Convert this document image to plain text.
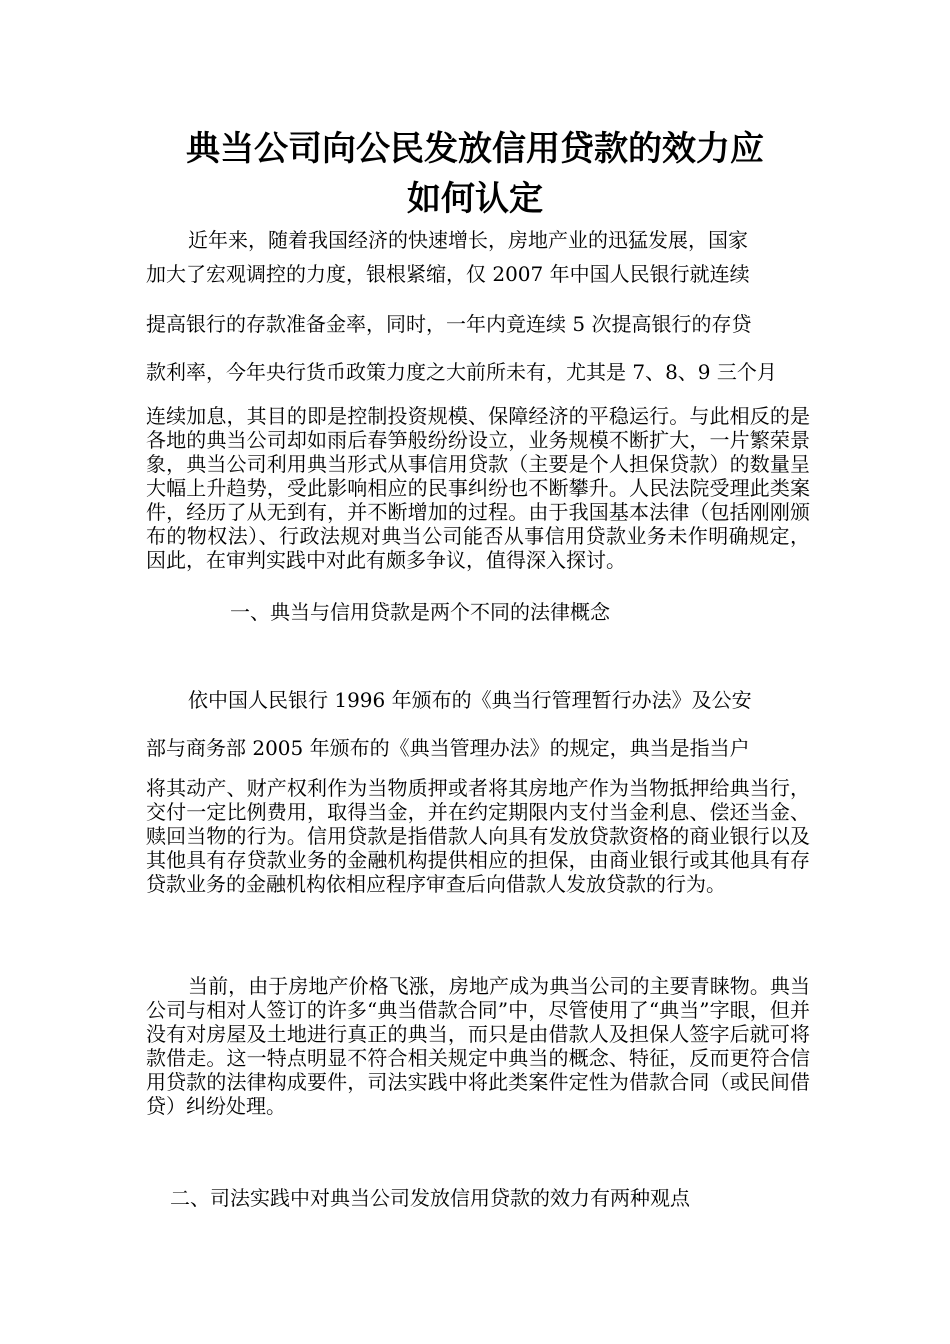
典当公司向公民发放信用贷款的效力应
如何认定

近年来，随着我国经济的快速增长，房地产业的迅猛发展，国家

加大了宏观调控的力度，银根紧缩，仅 2007 年中国人民银行就连续

提高银行的存款准备金率，同时，一年内竟连续 5 次提高银行的存贷

款利率，今年央行货币政策力度之大前所未有，尤其是 7、8、9 三个月

连续加息，其目的即是控制投资规模、保障经济的平稳运行。与此相反的是各地的典当公司却如雨后春笋般纷纷设立，业务规模不断扩大，一片繁荣景象，典当公司利用典当形式从事信用贷款（主要是个人担保贷款）的数量呈大幅上升趋势，受此影响相应的民事纠纷也不断攀升。人民法院受理此类案件，经历了从无到有，并不断增加的过程。由于我国基本法律（包括刚刚颁布的物权法）、行政法规对典当公司能否从事信用贷款业务未作明确规定，因此，在审判实践中对此有颇多争议，值得深入探讨。

一、典当与信用贷款是两个不同的法律概念

依中国人民银行 1996 年颁布的《典当行管理暂行办法》及公安

部与商务部 2005 年颁布的《典当管理办法》的规定，典当是指当户

将其动产、财产权利作为当物质押或者将其房地产作为当物抵押给典当行，交付一定比例费用，取得当金，并在约定期限内支付当金利息、偿还当金、赎回当物的行为。信用贷款是指借款人向具有发放贷款资格的商业银行以及其他具有存贷款业务的金融机构提供相应的担保，由商业银行或其他具有存贷款业务的金融机构依相应程序审查后向借款人发放贷款的行为。

当前，由于房地产价格飞涨，房地产成为典当公司的主要青睐物。典当公司与相对人签订的许多“典当借款合同”中，尽管使用了“典当”字眼，但并没有对房屋及土地进行真正的典当，而只是由借款人及担保人签字后就可将款借走。这一特点明显不符合相关规定中典当的概念、特征，反而更符合信用贷款的法律构成要件，司法实践中将此类案件定性为借款合同（或民间借贷）纠纷处理。

二、司法实践中对典当公司发放信用贷款的效力有两种观点
